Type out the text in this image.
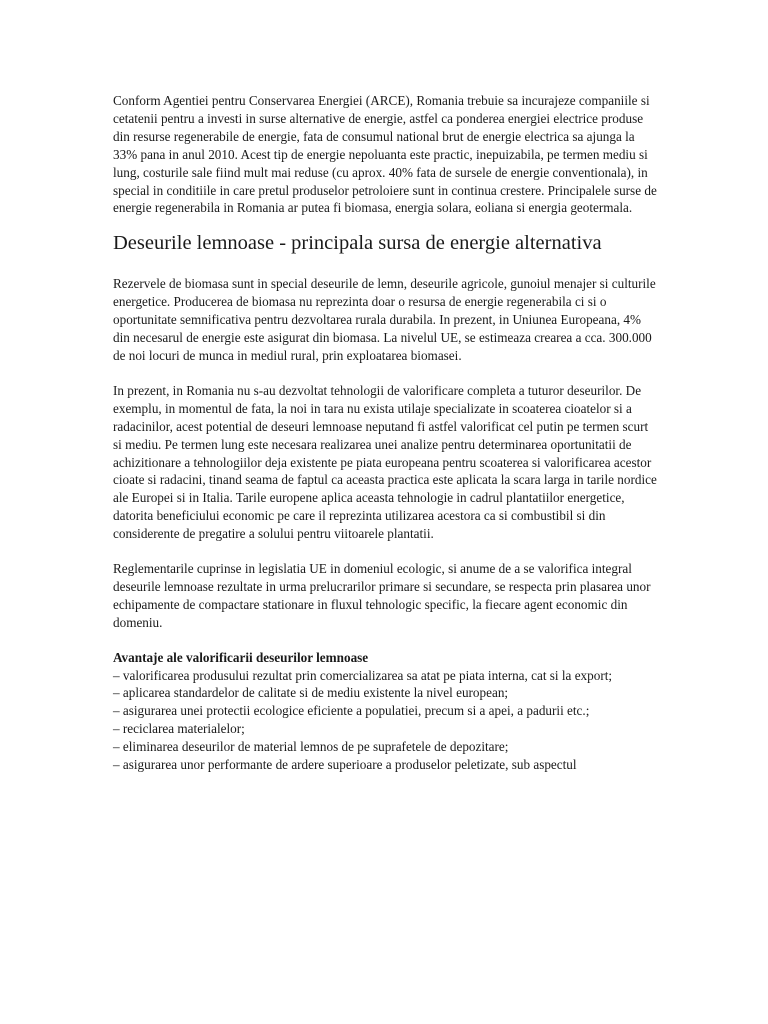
Conform Agentiei pentru Conservarea Energiei (ARCE), Romania trebuie sa incurajeze companiile si cetatenii pentru a investi in surse alternative de energie, astfel ca ponderea energiei electrice produse din resurse regenerabile de energie, fata de consumul national brut de energie electrica sa ajunga la 33% pana in anul 2010. Acest tip de energie nepoluanta este practic, inepuizabila, pe termen mediu si lung, costurile sale fiind mult mai reduse (cu aprox. 40% fata de sursele de energie conventionala), in special in conditiile in care pretul produselor petroloiere sunt in continua crestere. Principalele surse de energie regenerabila in Romania ar putea fi biomasa, energia solara, eoliana si energia geotermala.

Deseurile lemnoase - principala sursa de energie alternativa

Rezervele de biomasa sunt in special deseurile de lemn, deseurile agricole, gunoiul menajer si culturile energetice. Producerea de biomasa nu reprezinta doar o resursa de energie regenerabila ci si o oportunitate semnificativa pentru dezvoltarea rurala durabila. In prezent, in Uniunea Europeana, 4% din necesarul de energie este asigurat din biomasa. La nivelul UE, se estimeaza crearea a cca. 300.000 de noi locuri de munca in mediul rural, prin exploatarea biomasei.

In prezent, in Romania nu s-au dezvoltat tehnologii de valorificare completa a tuturor deseurilor. De exemplu, in momentul de fata, la noi in tara nu exista utilaje specializate in scoaterea cioatelor si a radacinilor, acest potential de deseuri lemnoase neputand fi astfel valorificat cel putin pe termen scurt si mediu. Pe termen lung este necesara realizarea unei analize pentru determinarea oportunitatii de achizitionare a tehnologiilor deja existente pe piata europeana pentru scoaterea si valorificarea acestor cioate si radacini, tinand seama de faptul ca aceasta practica este aplicata la scara larga in tarile nordice ale Europei si in Italia. Tarile europene aplica aceasta tehnologie in cadrul plantatiilor energetice, datorita beneficiului economic pe care il reprezinta utilizarea acestora ca si combustibil si din considerente de pregatire a solului pentru viitoarele plantatii.

Reglementarile cuprinse in legislatia UE in domeniul ecologic, si anume de a se valorifica integral deseurile lemnoase rezultate in urma prelucrarilor primare si secundare, se respecta prin plasarea unor echipamente de compactare stationare in fluxul tehnologic specific, la fiecare agent economic din domeniu.

Avantaje ale valorificarii deseurilor lemnoase

– valorificarea produsului rezultat prin comercializarea sa atat pe piata interna, cat si la export;
– aplicarea standardelor de calitate si de mediu existente la nivel european;
– asigurarea unei protectii ecologice eficiente a populatiei, precum si a apei, a padurii etc.;
– reciclarea materialelor;
– eliminarea deseurilor de material lemnos de pe suprafetele de depozitare;
– asigurarea unor performante de ardere superioare a produselor peletizate, sub aspectul
